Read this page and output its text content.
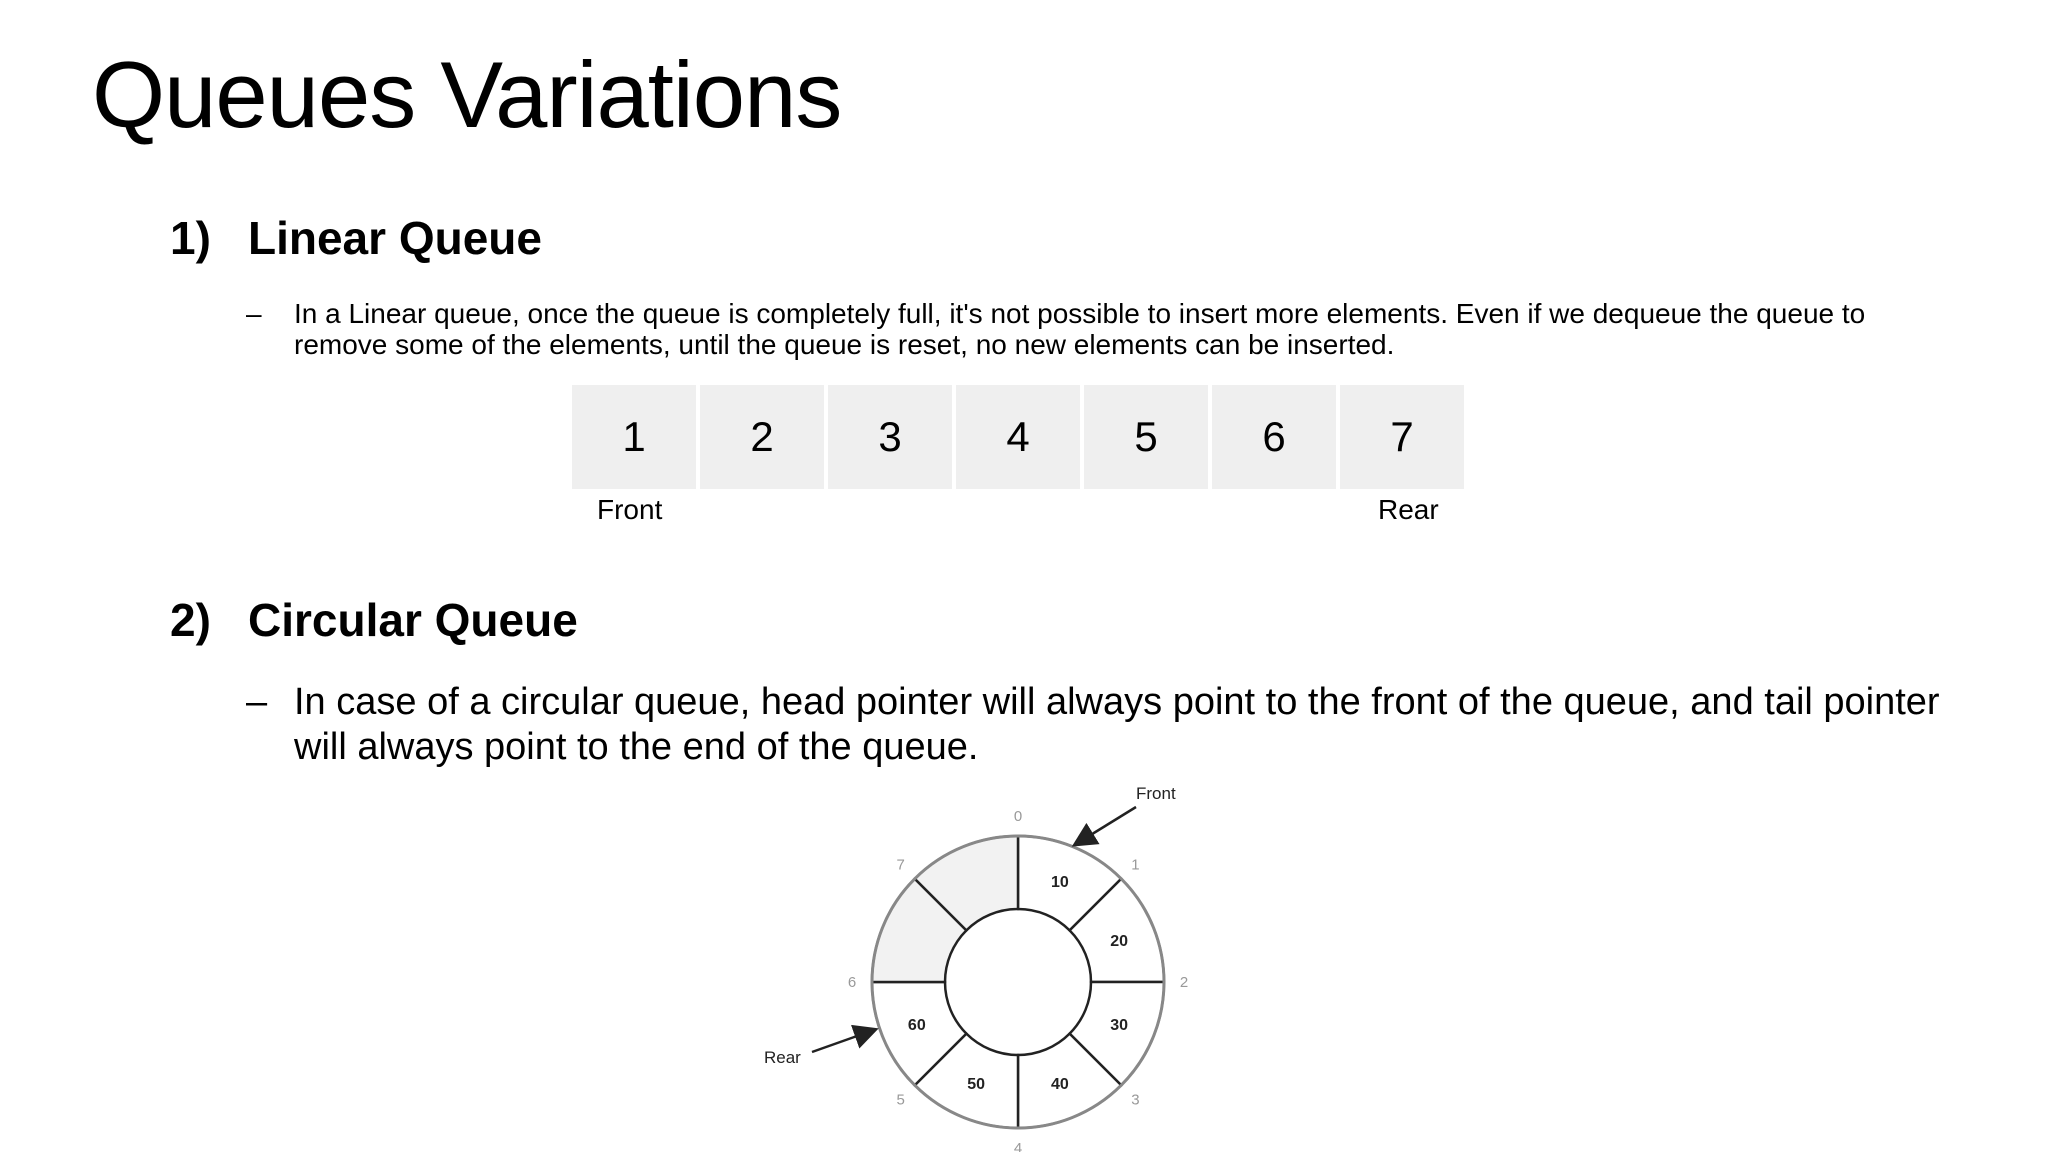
Queues Variations
1) Linear Queue
– In a Linear queue, once the queue is completely full, it's not possible to insert more elements. Even if we dequeue the queue to remove some of the elements, until the queue is reset, no new elements can be inserted.
1	2	3	4	5	6	7
Front	Rear
2) Circular Queue
– In case of a circular queue, head pointer will always point to the front of the queue, and tail pointer will always point to the end of the queue.
10
0
20
1
30
2
40
3
50
4
60
5
6
7
Front
Rear
